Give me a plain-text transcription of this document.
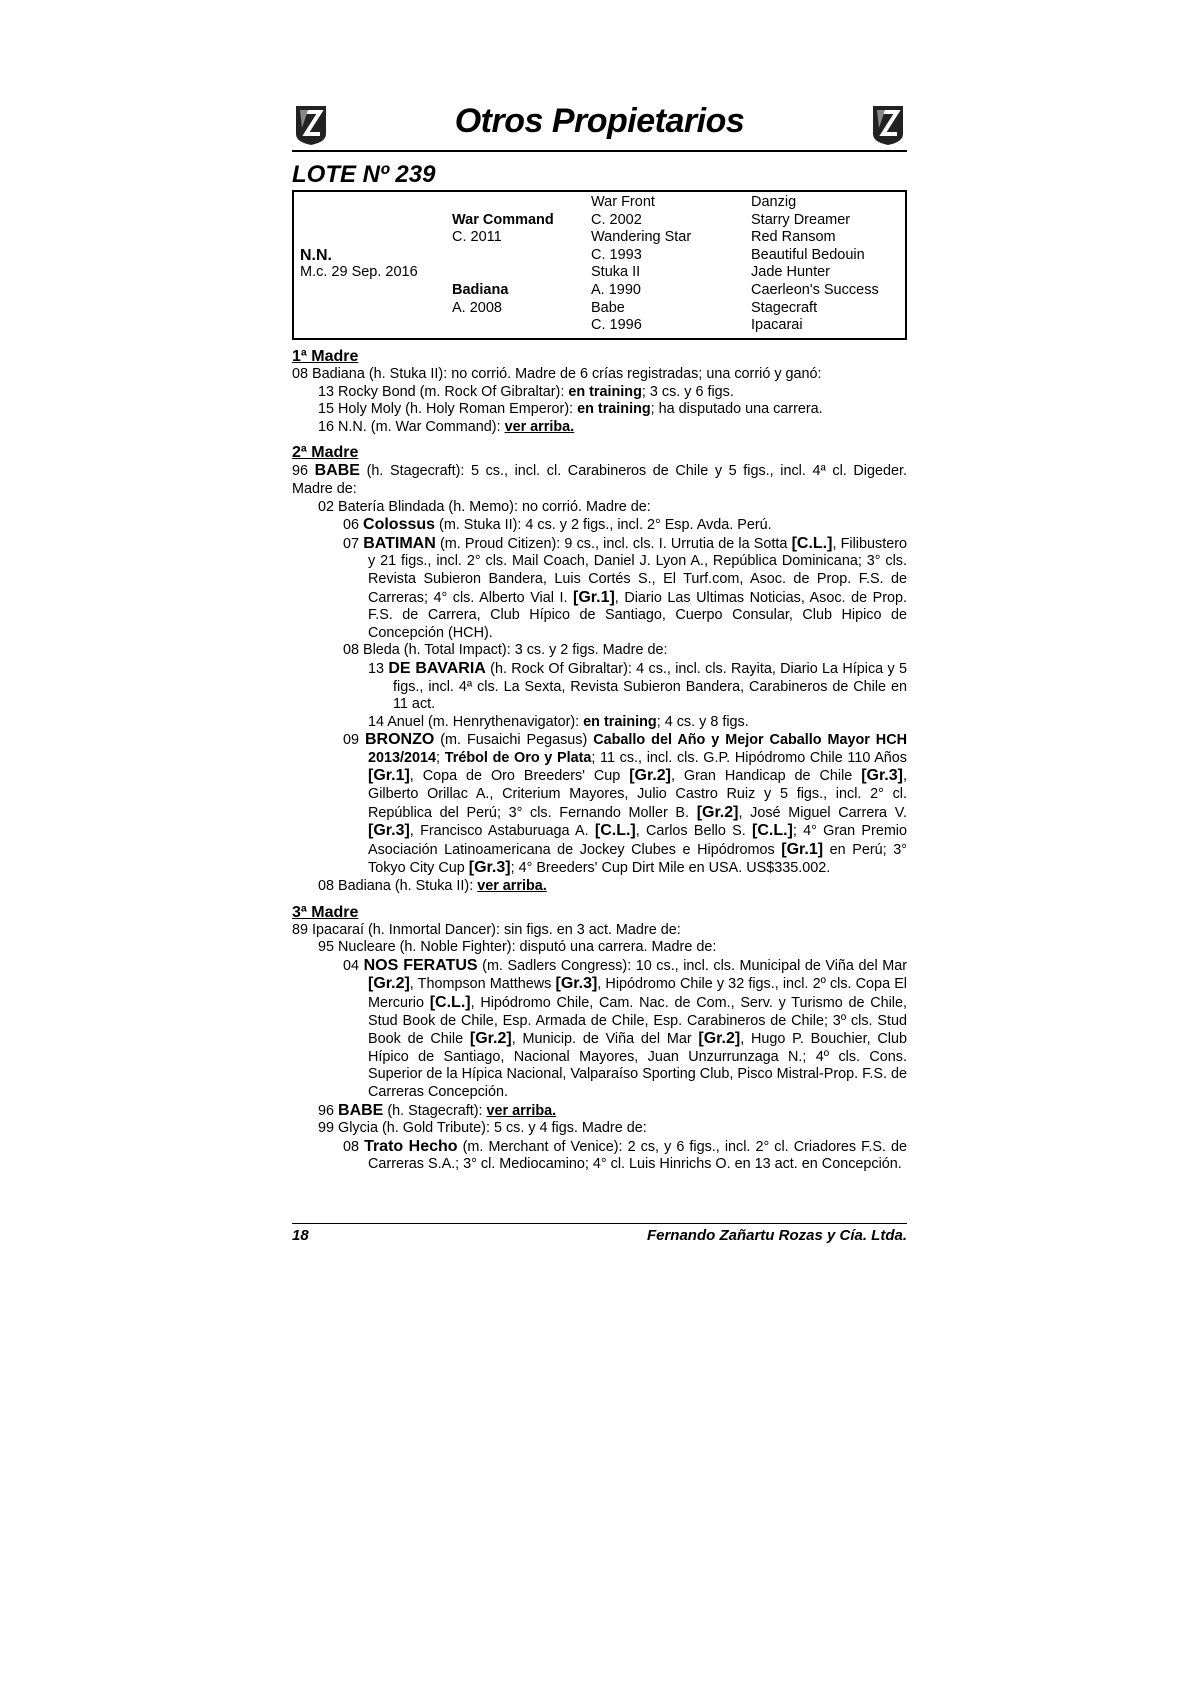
Otros Propietarios
LOTE Nº 239
N.N.
M.c. 29 Sep. 2016
War Command
C. 2011
Badiana
A. 2008
War Front
C. 2002
Wandering Star
C. 1993
Stuka II
A. 1990
Babe
C. 1996
Danzig
Starry Dreamer
Red Ransom
Beautiful Bedouin
Jade Hunter
Caerleon's Success
Stagecraft
Ipacarai
1ª Madre
08 Badiana (h. Stuka II): no corrió. Madre de 6 crías registradas; una corrió y ganó:
13 Rocky Bond (m. Rock Of Gibraltar): en training; 3 cs. y 6 figs.
15 Holy Moly (h. Holy Roman Emperor): en training; ha disputado una carrera.
16 N.N. (m. War Command): ver arriba.
2ª Madre
96 BABE (h. Stagecraft): 5 cs., incl. cl. Carabineros de Chile y 5 figs., incl. 4ª cl. Digeder. Madre de:
02 Batería Blindada (h. Memo): no corrió. Madre de:
06 Colossus (m. Stuka II): 4 cs. y 2 figs., incl. 2° Esp. Avda. Perú.
07 BATIMAN (m. Proud Citizen): 9 cs., incl. cls. I. Urrutia de la Sotta [C.L.], Filibustero y 21 figs., incl. 2° cls. Mail Coach, Daniel J. Lyon A., República Dominicana; 3° cls. Revista Subieron Bandera, Luis Cortés S., El Turf.com, Asoc. de Prop. F.S. de Carreras; 4° cls. Alberto Vial I. [Gr.1], Diario Las Ultimas Noticias, Asoc. de Prop. F.S. de Carrera, Club Hípico de Santiago, Cuerpo Consular, Club Hipico de Concepción (HCH).
08 Bleda (h. Total Impact): 3 cs. y 2 figs. Madre de:
13 DE BAVARIA (h. Rock Of Gibraltar): 4 cs., incl. cls. Rayita, Diario La Hípica y 5 figs., incl. 4ª cls. La Sexta, Revista Subieron Bandera, Carabineros de Chile en 11 act.
14 Anuel (m. Henrythenavigator): en training; 4 cs. y 8 figs.
09 BRONZO (m. Fusaichi Pegasus) Caballo del Año y Mejor Caballo Mayor HCH 2013/2014; Trébol de Oro y Plata; 11 cs., incl. cls. G.P. Hipódromo Chile 110 Años [Gr.1], Copa de Oro Breeders' Cup [Gr.2], Gran Handicap de Chile [Gr.3], Gilberto Orillac A., Criterium Mayores, Julio Castro Ruiz y 5 figs., incl. 2° cl. República del Perú; 3° cls. Fernando Moller B. [Gr.2], José Miguel Carrera V. [Gr.3], Francisco Astaburuaga A. [C.L.], Carlos Bello S. [C.L.]; 4° Gran Premio Asociación Latinoamericana de Jockey Clubes e Hipódromos [Gr.1] en Perú; 3° Tokyo City Cup [Gr.3]; 4° Breeders' Cup Dirt Mile en USA. US$335.002.
08 Badiana (h. Stuka II): ver arriba.
3ª Madre
89 Ipacaraí (h. Inmortal Dancer): sin figs. en 3 act. Madre de:
95 Nucleare (h. Noble Fighter): disputó una carrera. Madre de:
04 NOS FERATUS (m. Sadlers Congress): 10 cs., incl. cls. Municipal de Viña del Mar [Gr.2], Thompson Matthews [Gr.3], Hipódromo Chile y 32 figs., incl. 2º cls. Copa El Mercurio [C.L.], Hipódromo Chile, Cam. Nac. de Com., Serv. y Turismo de Chile, Stud Book de Chile, Esp. Armada de Chile, Esp. Carabineros de Chile; 3º cls. Stud Book de Chile [Gr.2], Municip. de Viña del Mar [Gr.2], Hugo P. Bouchier, Club Hípico de Santiago, Nacional Mayores, Juan Unzurrunzaga N.; 4º cls. Cons. Superior de la Hípica Nacional, Valparaíso Sporting Club, Pisco Mistral-Prop. F.S. de Carreras Concepción.
96 BABE (h. Stagecraft): ver arriba.
99 Glycia (h. Gold Tribute): 5 cs. y 4 figs. Madre de:
08 Trato Hecho (m. Merchant of Venice): 2 cs, y 6 figs., incl. 2° cl. Criadores F.S. de Carreras S.A.; 3° cl. Mediocamino; 4° cl. Luis Hinrichs O. en 13 act. en Concepción.
18	Fernando Zañartu Rozas y Cía. Ltda.
